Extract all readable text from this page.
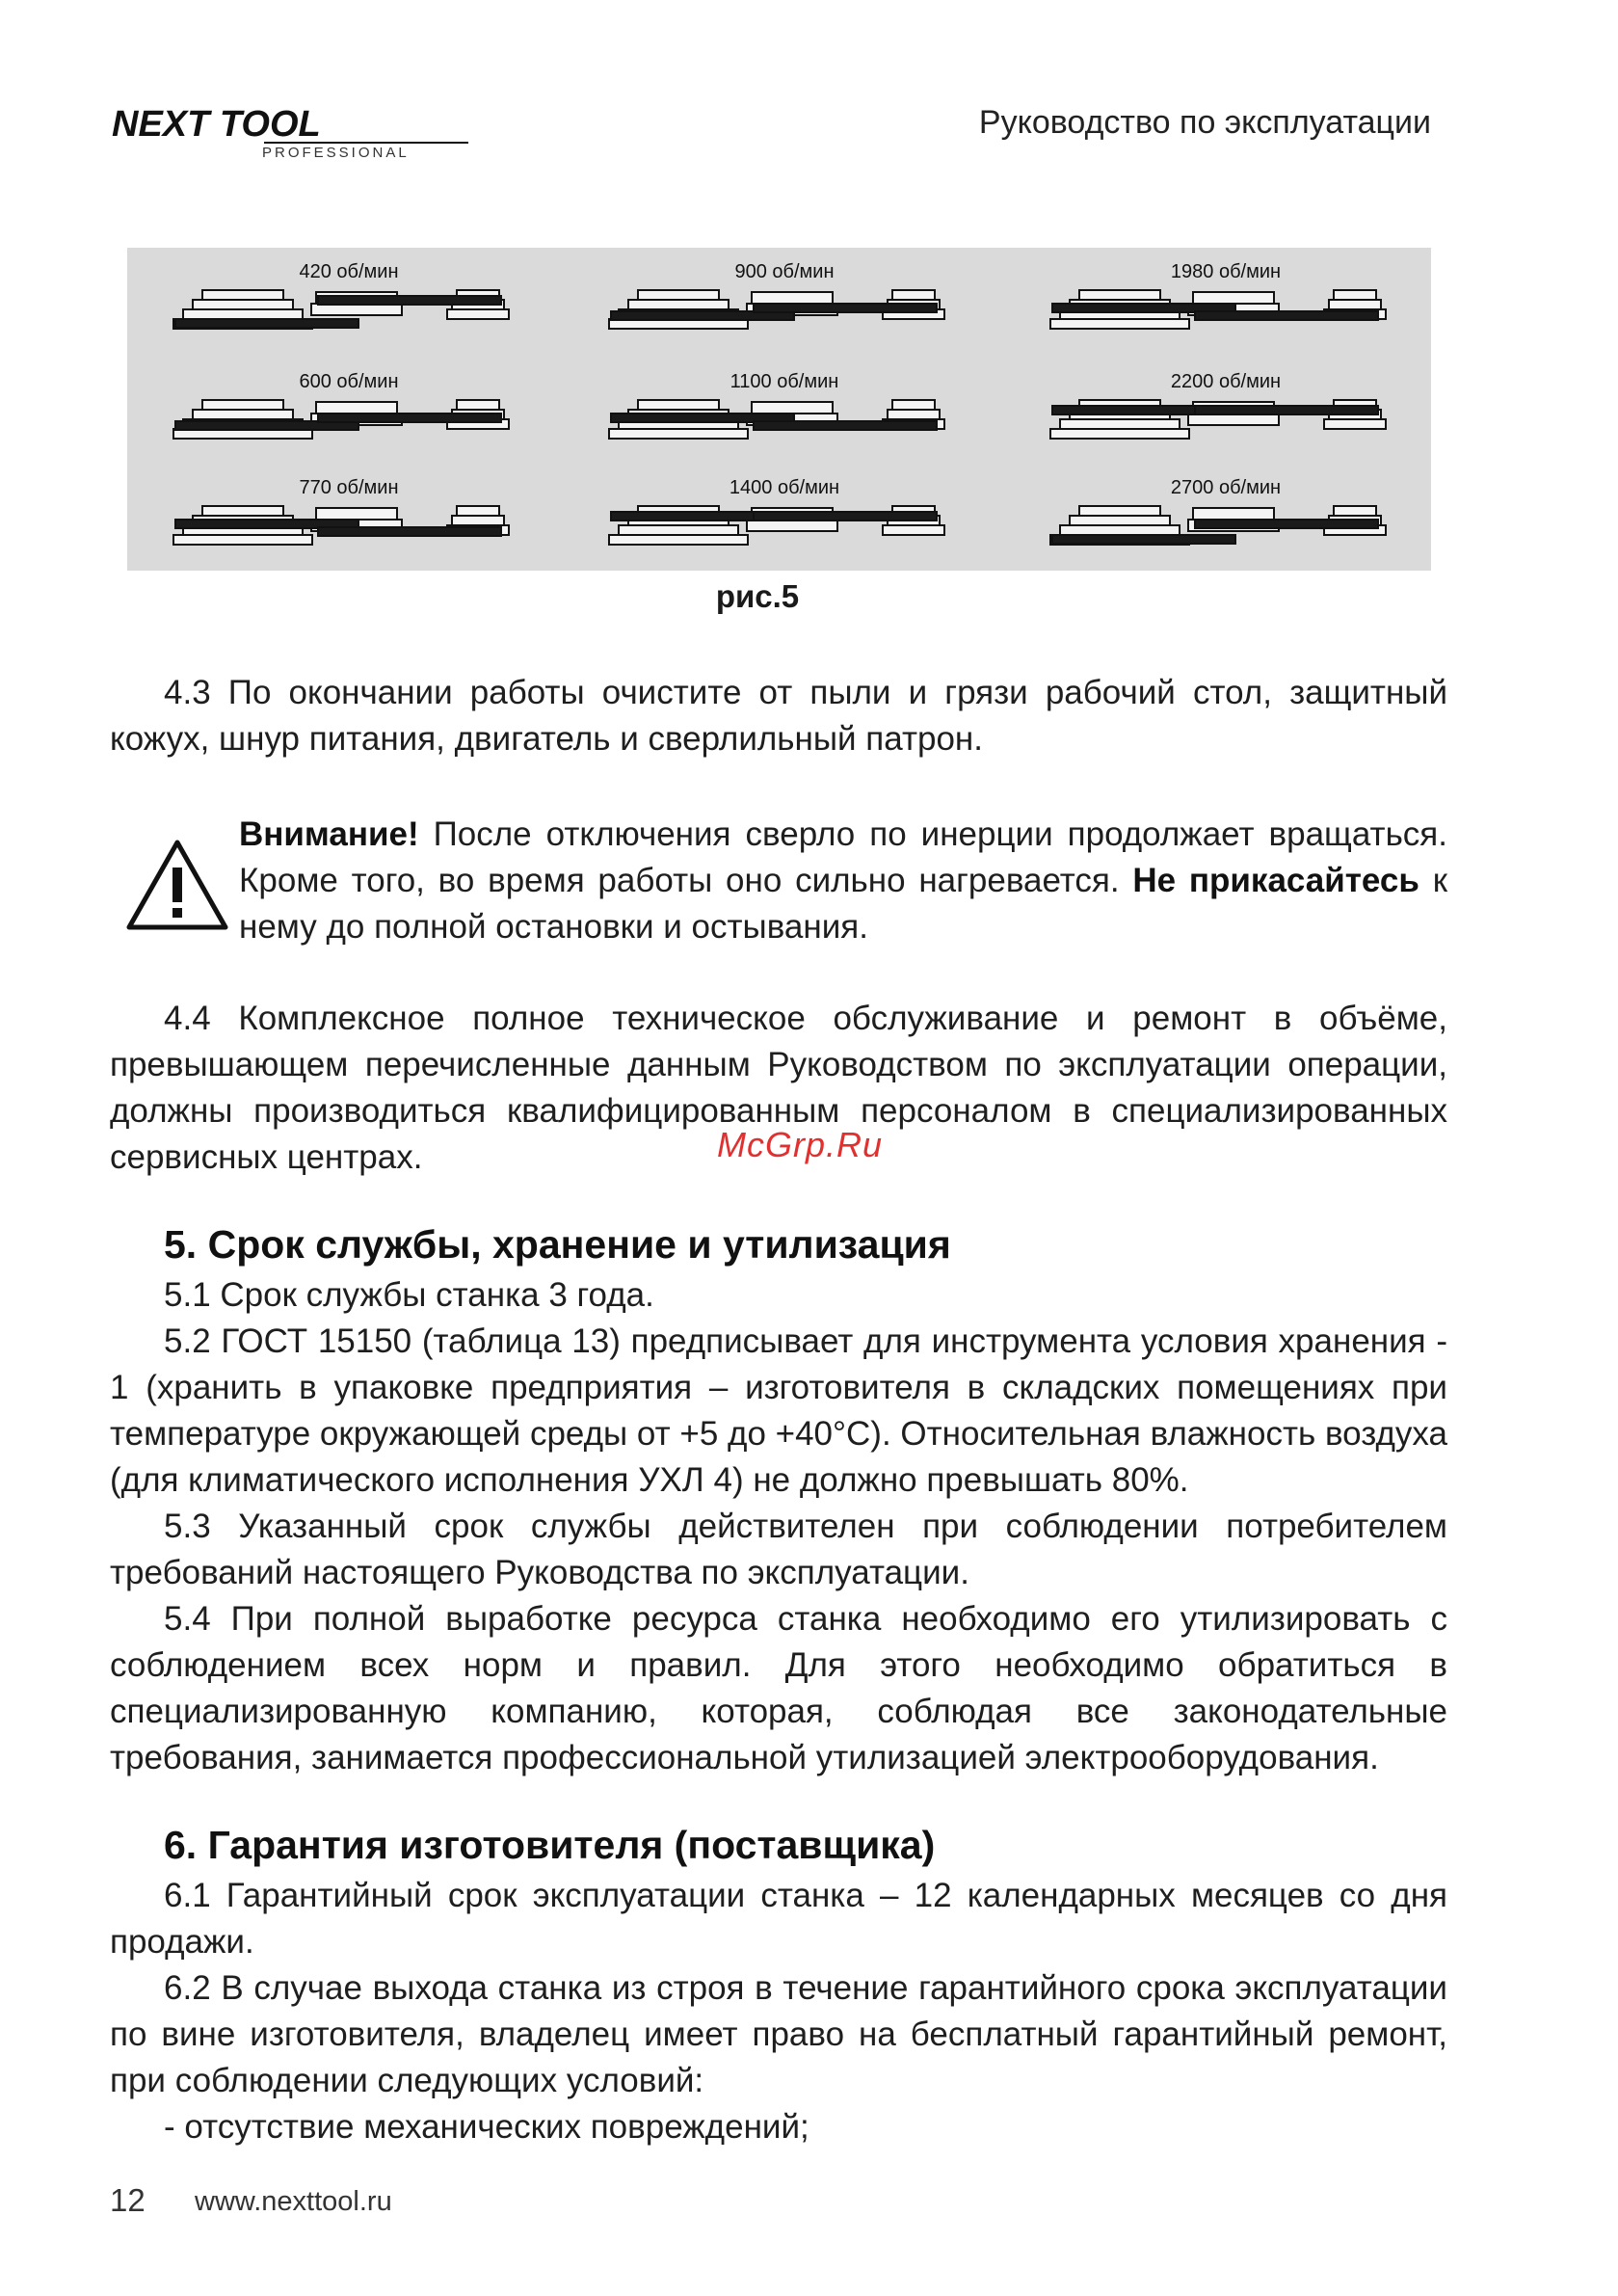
NEXT TOOL
PROFESSIONAL
Руководство по эксплуатации
420 об/мин	900 об/мин	1980 об/мин
600 об/мин	1100 об/мин	2200 об/мин
770 об/мин	1400 об/мин	2700 об/мин
рис.5
4.3 По окончании работы очистите от пыли и грязи рабочий стол, защитный кожух, шнур питания, двигатель и сверлильный патрон.
Внимание! После отключения сверло по инерции продолжает вращаться. Кроме того, во время работы оно сильно нагревается. Не прикасайтесь к нему до полной остановки и остывания.
4.4 Комплексное полное техническое обслуживание и ремонт в объёме, превышающем перечисленные данным Руководством по эксплуатации операции, должны производиться квалифицированным персоналом в специализированных сервисных центрах.	McGrp.Ru
5. Срок службы, хранение и утилизация
5.1 Срок службы станка 3 года.
5.2 ГОСТ 15150 (таблица 13) предписывает для инструмента условия хранения - 1 (хранить в упаковке предприятия – изготовителя в складских помещениях при температуре окружающей среды от +5 до +40°С). Относительная влажность воздуха (для климатического исполнения УХЛ 4) не должно превышать 80%.
5.3 Указанный срок службы действителен при соблюдении потребителем требований настоящего Руководства по эксплуатации.
5.4 При полной выработке ресурса станка необходимо его утилизировать с соблюдением всех норм и правил. Для этого необходимо обратиться в специализированную компанию, которая, соблюдая все законодательные требования, занимается профессиональной утилизацией электрооборудования.
6. Гарантия изготовителя (поставщика)
6.1 Гарантийный срок эксплуатации станка – 12 календарных месяцев со дня продажи.
6.2 В случае выхода станка из строя в течение гарантийного срока эксплуатации по вине изготовителя, владелец имеет право на бесплатный гарантийный ремонт, при соблюдении следующих условий:
- отсутствие механических повреждений;
12 www.nexttool.ru
